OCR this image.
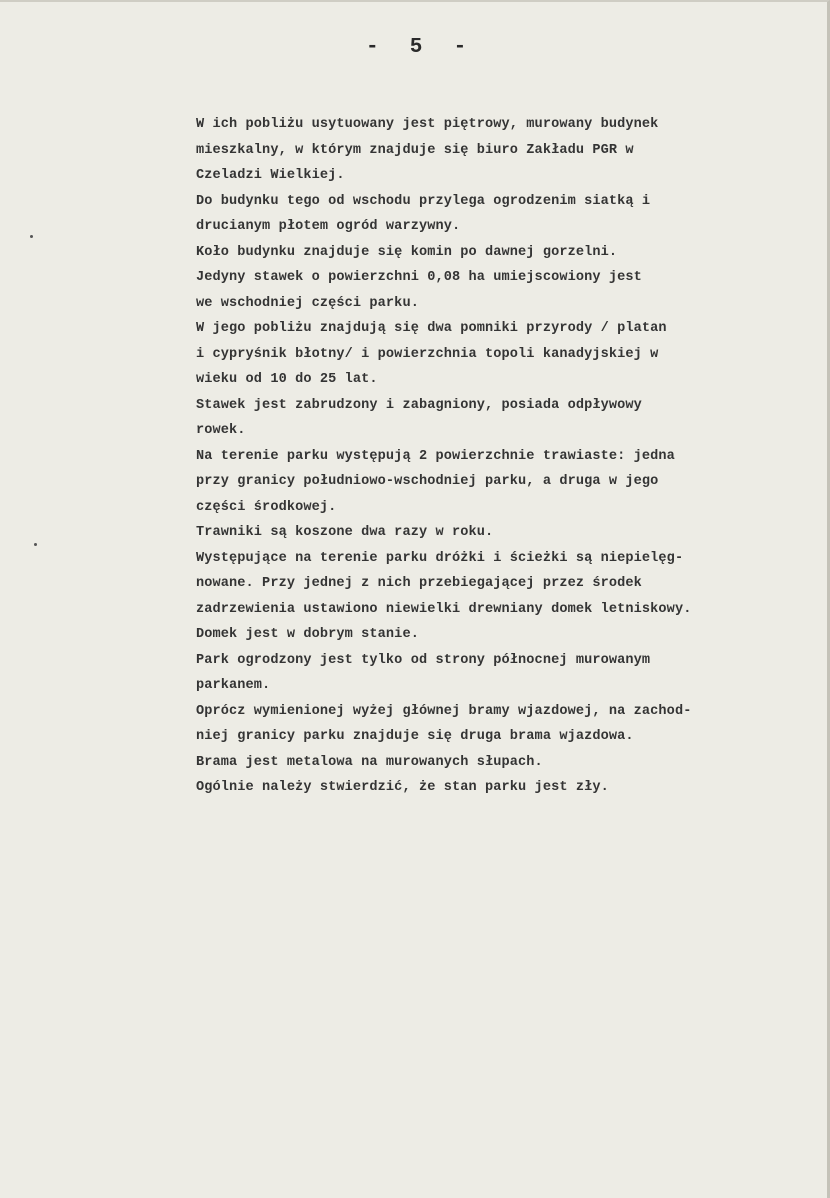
-  5  -
W ich pobliżu usytuowany jest piętrowy, murowany budynek
mieszkalny, w którym znajduje się biuro Zakładu PGR w
Czeladzi Wielkiej.
Do budynku tego od wschodu przylega ogrodzenim siatką i
drucianym płotem ogród warzywny.
Koło budynku znajduje się komin po dawnej gorzelni.
Jedyny stawek o powierzchni 0,08 ha umiejscowiony jest
we wschodniej części parku.
W jego pobliżu znajdują się dwa pomniki przyrody / platan
i cypryśnik błotny/ i powierzchnia topoli kanadyjskiej w
wieku od 10 do 25 lat.
Stawek jest zabrudzony i zabagniony, posiada odpływowy
rowek.
Na terenie parku występują 2 powierzchnie trawiaste: jedna
przy granicy południowo-wschodniej parku, a druga w jego
części środkowej.
Trawniki są koszone dwa razy w roku.
Występujące na terenie parku dróżki i ścieżki są niepielęg-
nowane. Przy jednej z nich przebiegającej przez środek
zadrzewienia ustawiono niewielki drewniany domek letniskowy.
Domek jest w dobrym stanie.
Park ogrodzony jest tylko od strony północnej murowanym
parkanem.
Oprócz wymienionej wyżej głównej bramy wjazdowej, na zachod-
niej granicy parku znajduje się druga brama wjazdowa.
Brama jest metalowa na murowanych słupach.
Ogólnie należy stwierdzić, że stan parku jest zły.
